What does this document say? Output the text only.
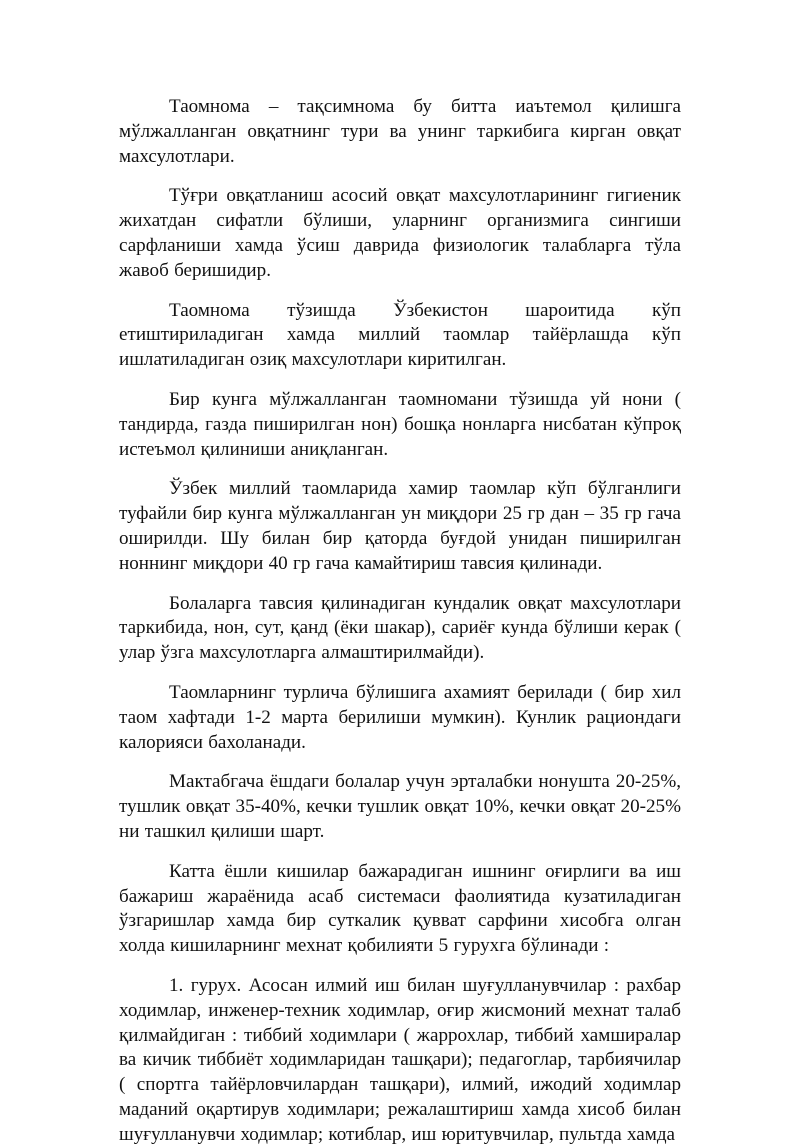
Таомнома – тақсимнома бу битта иаътемол қилишга мўлжалланган овқатнинг тури ва унинг таркибига кирган овқат махсулотлари.

Тўғри овқатланиш асосий овқат махсулотларининг гигиеник жихатдан сифатли бўлиши, уларнинг организмига сингиши сарфланиши хамда ўсиш даврида физиологик талабларга тўла жавоб беришидир.

Таомнома тўзишда Ўзбекистон шароитида кўп етиштириладиган хамда миллий таомлар тайёрлашда кўп ишлатиладиган озиқ махсулотлари киритилган.

Бир кунга мўлжалланган таомномани тўзишда уй нони ( тандирда, газда пиширилган нон) бошқа нонларга нисбатан кўпроқ истеъмол қилиниши аниқланган.

Ўзбек миллий таомларида хамир таомлар кўп бўлганлиги туфайли бир кунга мўлжалланган ун миқдори 25 гр дан – 35 гр гача оширилди. Шу билан бир қаторда буғдой унидан пиширилган ноннинг миқдори 40 гр гача камайтириш тавсия қилинади.

Болаларга тавсия қилинадиган кундалик овқат махсулотлари таркибида, нон, сут, қанд (ёки шакар), сариёғ кунда бўлиши керак ( улар ўзга махсулотларга алмаштирилмайди).

Таомларнинг турлича бўлишига ахамият берилади ( бир хил таом хафтади 1-2 марта берилиши мумкин). Кунлик рациондаги калорияси бахоланади.

Мактабгача ёшдаги болалар учун эрталабки нонушта 20-25%, тушлик овқат 35-40%, кечки тушлик овқат 10%, кечки овқат 20-25% ни ташкил қилиши шарт.

Катта ёшли кишилар бажарадиган ишнинг оғирлиги ва иш бажариш жараёнида асаб системаси фаолиятида кузатиладиган ўзгаришлар хамда бир суткалик қувват сарфини хисобга олган холда кишиларнинг мехнат қобилияти 5 гурухга бўлинади :

1. гурух. Асосан илмий иш билан шуғулланувчилар : рахбар ходимлар, инженер-техник ходимлар, оғир жисмоний мехнат талаб қилмайдиган : тиббий ходимлари ( жаррохлар, тиббий хамширалар ва кичик тиббиёт ходимларидан ташқари); педагоглар, тарбиячилар ( спортга тайёрловчилардан ташқари), илмий, ижодий ходимлар маданий оқартирув ходимлари; режалаштириш хамда хисоб билан шуғулланувчи ходимлар; котиблар, иш юритувчилар, пультда хамда
